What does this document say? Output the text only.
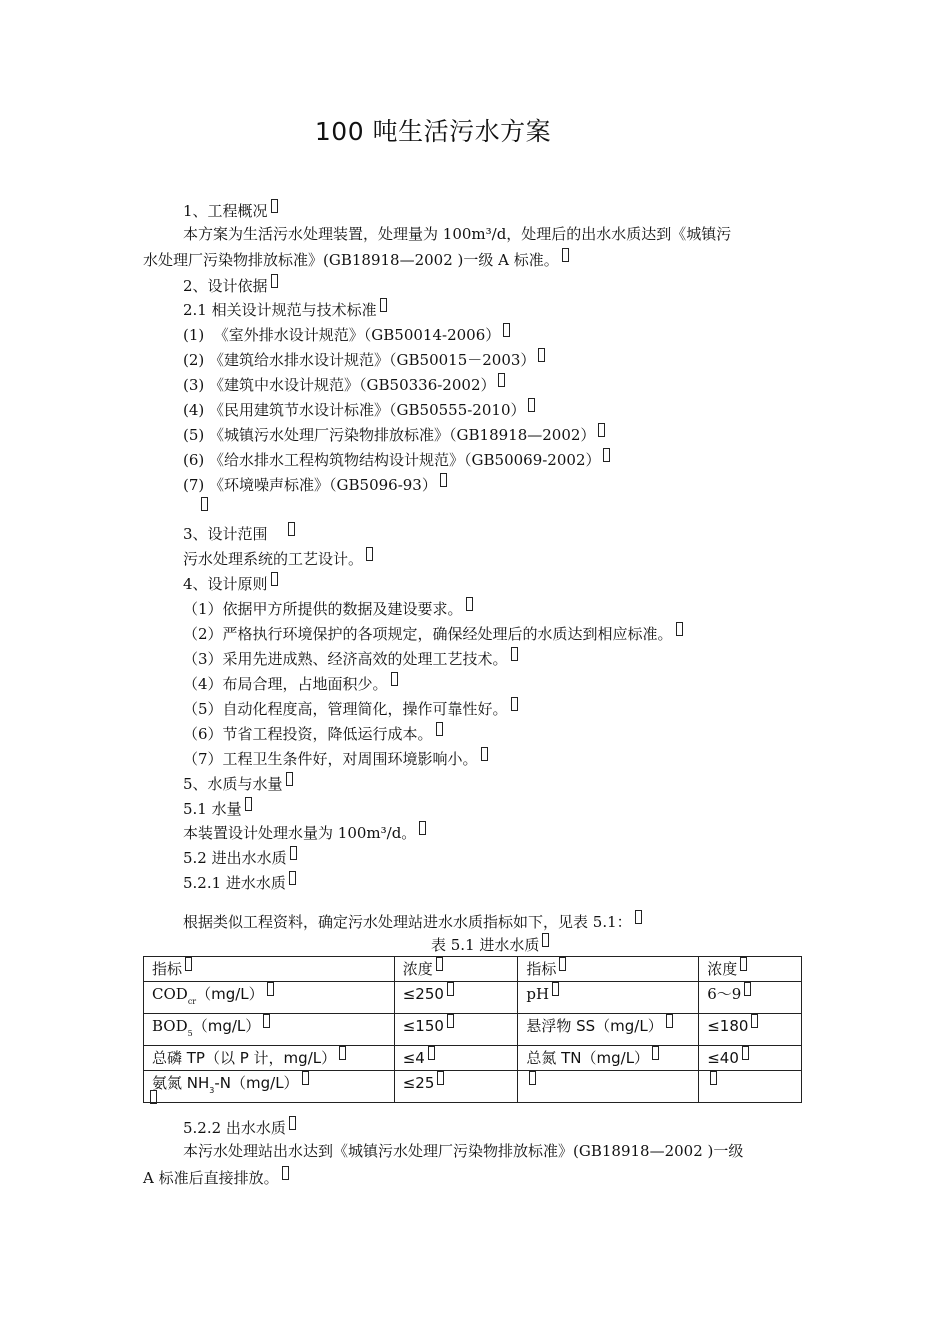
100 吨生活污水方案
1、工程概况
本方案为生活污水处理装置，处理量为 100m³/d，处理后的出水水质达到《城镇污
水处理厂污染物排放标准》(GB18918—2002 )一级 A 标准。
2、设计依据
2.1 相关设计规范与技术标准
(1)  《室外排水设计规范》（GB50014-2006）
(2) 《建筑给水排水设计规范》（GB50015－2003）
(3) 《建筑中水设计规范》（GB50336-2002）
(4) 《民用建筑节水设计标准》（GB50555-2010）
(5) 《城镇污水处理厂污染物排放标准》（GB18918—2002）
(6) 《给水排水工程构筑物结构设计规范》（GB50069-2002）
(7) 《环境噪声标准》（GB5096-93）
3、设计范围
污水处理系统的工艺设计。
4、设计原则
（1）依据甲方所提供的数据及建设要求。
（2）严格执行环境保护的各项规定，确保经处理后的水质达到相应标准。
（3）采用先进成熟、经济高效的处理工艺技术。
（4）布局合理，占地面积少。
（5）自动化程度高，管理简化，操作可靠性好。
（6）节省工程投资，降低运行成本。
（7）工程卫生条件好，对周围环境影响小。
5、水质与水量
5.1 水量
本装置设计处理水量为 100m³/d。
5.2 进出水水质
5.2.1 进水水质
根据类似工程资料，确定污水处理站进水水质指标如下，见表 5.1：
表 5.1 进水水质
指标	浓度	指标	浓度
$COD_{cr}(mg/L)$	≤250	pH	6～9
$BOD_5(mg/L)$	≤150	悬浮物 SS（mg/L）	≤180
总磷 TP（以 P 计，mg/L）	≤4	总氮 TN（mg/L）	≤40
氨氮 $NH_3-N(mg/L)$	≤25		
5.2.2 出水水质
本污水处理站出水达到《城镇污水处理厂污染物排放标准》(GB18918—2002 )一级
A 标准后直接排放。
